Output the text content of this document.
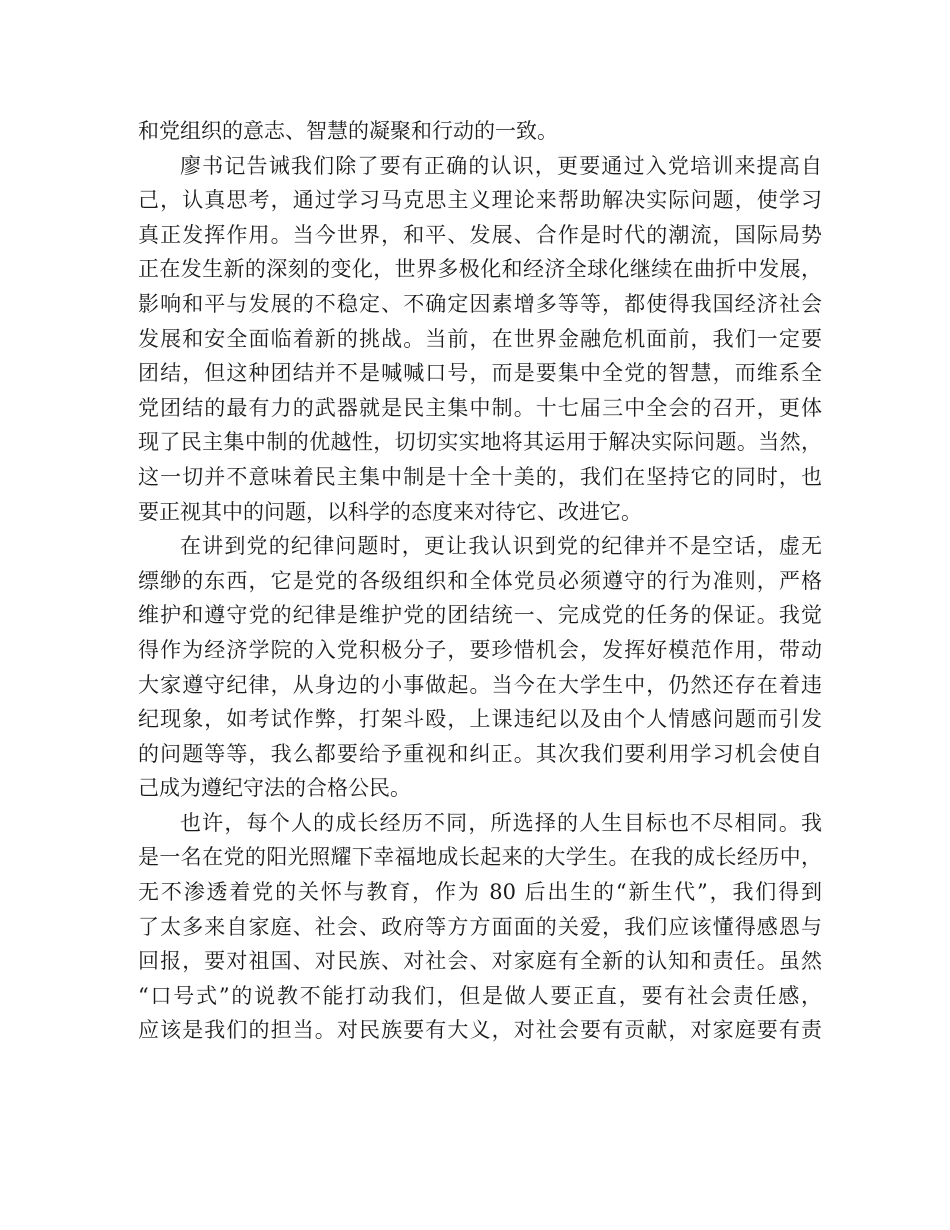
和党组织的意志、智慧的凝聚和行动的一致。
廖书记告诫我们除了要有正确的认识，更要通过入党培训来提高自
己，认真思考，通过学习马克思主义理论来帮助解决实际问题，使学习
真正发挥作用。当今世界，和平、发展、合作是时代的潮流，国际局势
正在发生新的深刻的变化，世界多极化和经济全球化继续在曲折中发展，
影响和平与发展的不稳定、不确定因素增多等等，都使得我国经济社会
发展和安全面临着新的挑战。当前，在世界金融危机面前，我们一定要
团结，但这种团结并不是喊喊口号，而是要集中全党的智慧，而维系全
党团结的最有力的武器就是民主集中制。十七届三中全会的召开，更体
现了民主集中制的优越性，切切实实地将其运用于解决实际问题。当然，
这一切并不意味着民主集中制是十全十美的，我们在坚持它的同时，也
要正视其中的问题，以科学的态度来对待它、改进它。
在讲到党的纪律问题时，更让我认识到党的纪律并不是空话，虚无
缥缈的东西，它是党的各级组织和全体党员必须遵守的行为准则，严格
维护和遵守党的纪律是维护党的团结统一、完成党的任务的保证。我觉
得作为经济学院的入党积极分子，要珍惜机会，发挥好模范作用，带动
大家遵守纪律，从身边的小事做起。当今在大学生中，仍然还存在着违
纪现象，如考试作弊，打架斗殴，上课违纪以及由个人情感问题而引发
的问题等等，我么都要给予重视和纠正。其次我们要利用学习机会使自
己成为遵纪守法的合格公民。
也许，每个人的成长经历不同，所选择的人生目标也不尽相同。我
是一名在党的阳光照耀下幸福地成长起来的大学生。在我的成长经历中，
无不渗透着党的关怀与教育，作为 80 后出生的“新生代”，我们得到
了太多来自家庭、社会、政府等方方面面的关爱，我们应该懂得感恩与
回报，要对祖国、对民族、对社会、对家庭有全新的认知和责任。虽然
“口号式”的说教不能打动我们，但是做人要正直，要有社会责任感，
应该是我们的担当。对民族要有大义，对社会要有贡献，对家庭要有责
